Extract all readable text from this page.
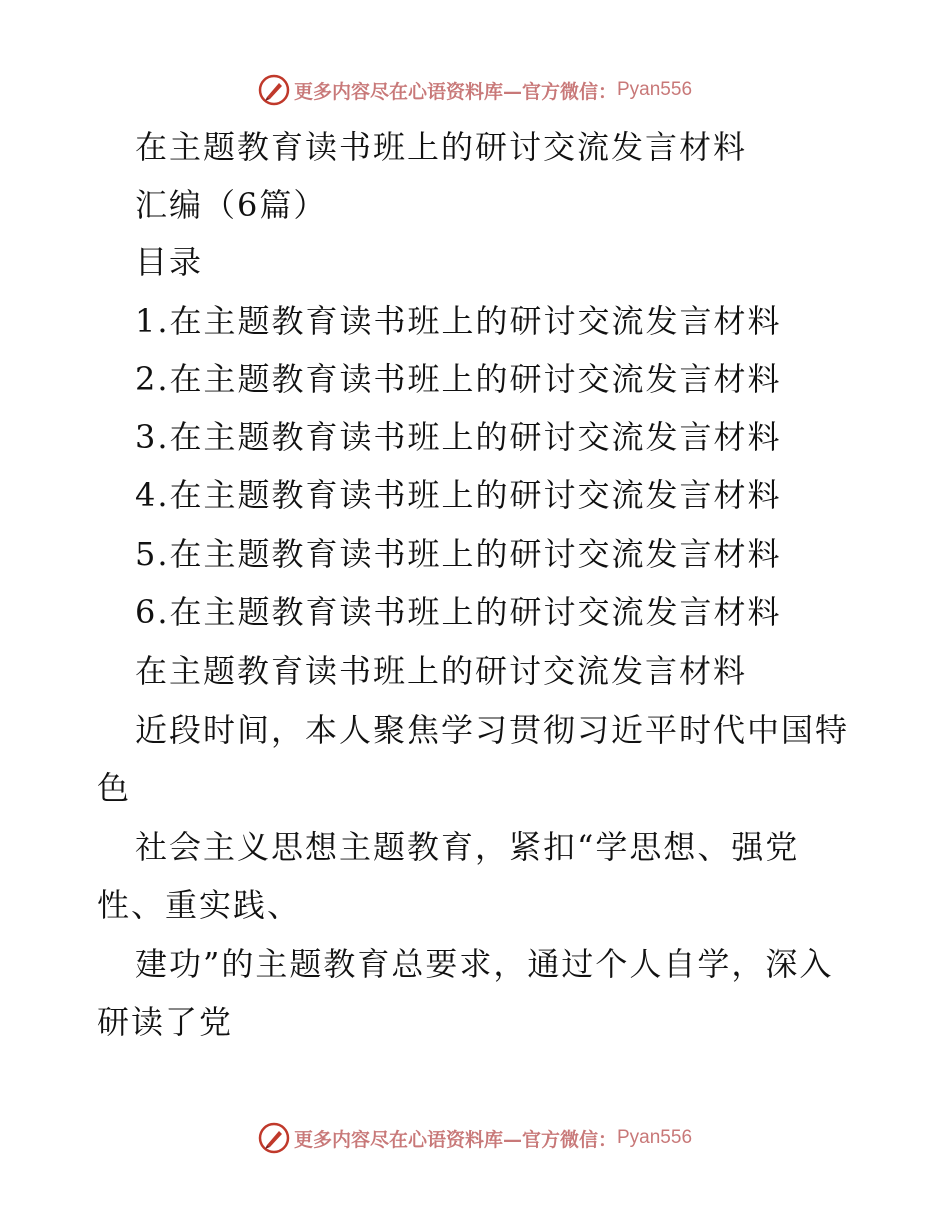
更多内容尽在心语资料库—官方微信： Pyan556
在主题教育读书班上的研讨交流发言材料
汇编（6篇）
目录
1.在主题教育读书班上的研讨交流发言材料
2.在主题教育读书班上的研讨交流发言材料
3.在主题教育读书班上的研讨交流发言材料
4.在主题教育读书班上的研讨交流发言材料
5.在主题教育读书班上的研讨交流发言材料
6.在主题教育读书班上的研讨交流发言材料
在主题教育读书班上的研讨交流发言材料
近段时间，本人聚焦学习贯彻习近平时代中国特
色
社会主义思想主题教育，紧扣“学思想、强党
性、重实践、
建功”的主题教育总要求，通过个人自学，深入
研读了党
更多内容尽在心语资料库—官方微信： Pyan556
